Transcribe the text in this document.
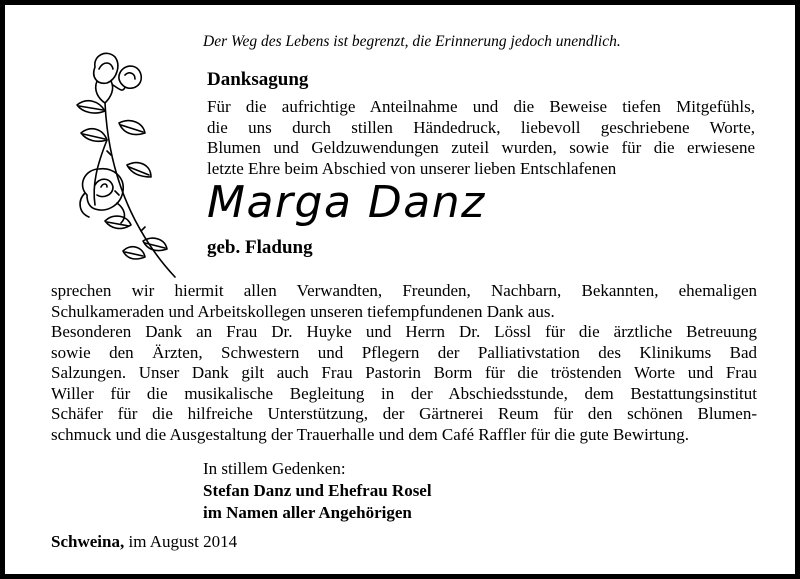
Der Weg des Lebens ist begrenzt, die Erinnerung jedoch unendlich.
Danksagung
Für die aufrichtige Anteilnahme und die Beweise tiefen Mitgefühls,
die uns durch stillen Händedruck, liebevoll geschriebene Worte,
Blumen und Geldzuwendungen zuteil wurden, sowie für die erwiesene
letzte Ehre beim Abschied von unserer lieben Entschlafenen
Marga Danz
geb. Fladung
sprechen wir hiermit allen Verwandten, Freunden, Nachbarn, Bekannten, ehemaligen
Schulkameraden und Arbeitskollegen unseren tiefempfundenen Dank aus.
Besonderen Dank an Frau Dr. Huyke und Herrn Dr. Lössl für die ärztliche Betreuung
sowie den Ärzten, Schwestern und Pflegern der Palliativstation des Klinikums Bad
Salzungen. Unser Dank gilt auch Frau Pastorin Borm für die tröstenden Worte und Frau
Willer für die musikalische Begleitung in der Abschiedsstunde, dem Bestattungsinstitut
Schäfer für die hilfreiche Unterstützung, der Gärtnerei Reum für den schönen Blumen-
schmuck und die Ausgestaltung der Trauerhalle und dem Café Raffler für die gute Bewirtung.
In stillem Gedenken:
Stefan Danz und Ehefrau Rosel
im Namen aller Angehörigen
Schweina, im August 2014
